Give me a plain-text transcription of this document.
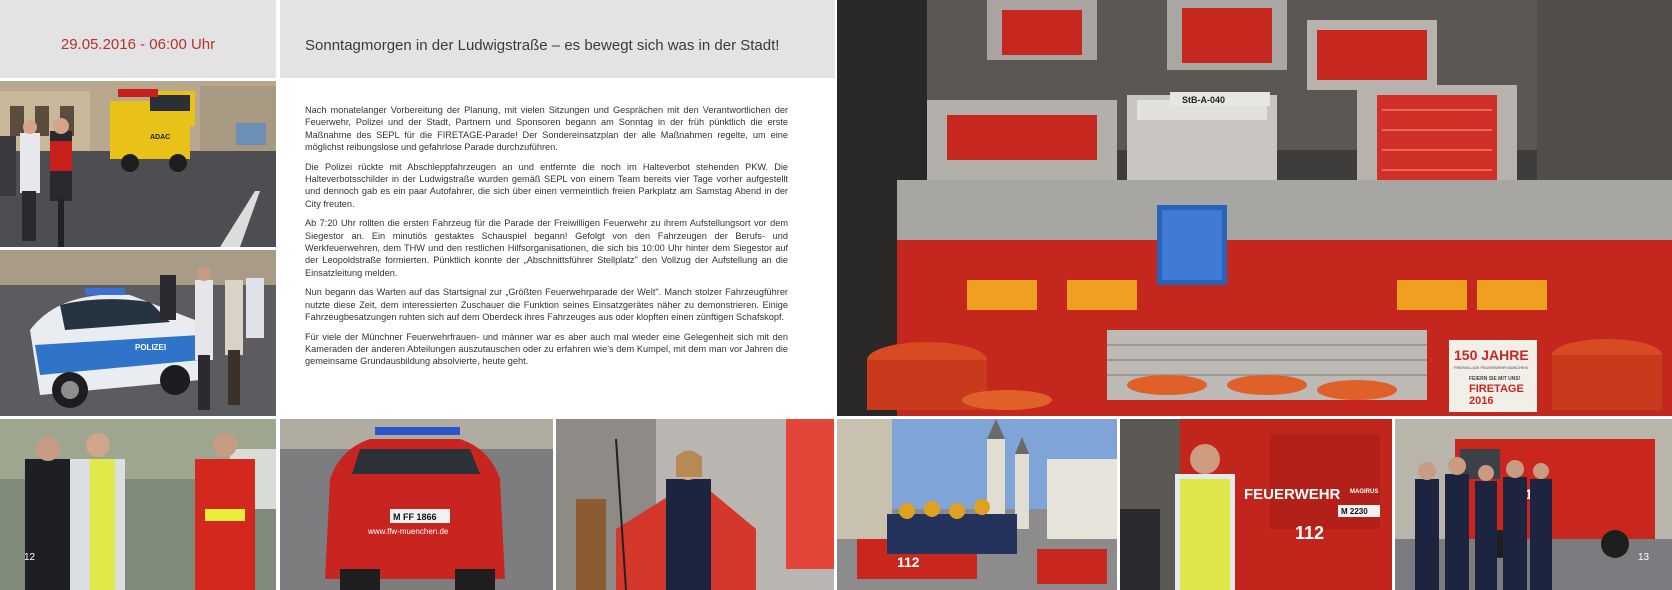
29.05.2016 - 06:00 Uhr	Sonntagmorgen in der Ludwigstraße – es bewegt sich was in der Stadt!

Nach monatelanger Vorbereitung der Planung, mit vielen Sitzungen und Gesprächen mit den Verantwortlichen der Feuerwehr, Polizei und der Stadt, Partnern und Sponsoren begann am Sonntag in der früh pünktlich die erste Maßnahme des SEPL für die FIRETAGE-Parade! Der Sondereinsatzplan der alle Maßnahmen regelte, um eine möglichst reibungslose und gefahrlose Parade durchzuführen.

Die Polizei rückte mit Abschleppfahrzeugen an und entfernte die noch im Halteverbot stehenden PKW. Die Halteverbotsschilder in der Ludwigstraße wurden gemäß SEPL von einem Team bereits vier Tage vorher aufgestellt und dennoch gab es ein paar Autofahrer, die sich über einen vermeintlich freien Parkplatz am Samstag Abend in der City freuten.

Ab 7:20 Uhr rollten die ersten Fahrzeug für die Parade der Freiwilligen Feuerwehr zu ihrem Aufstellungsort vor dem Siegestor an. Ein minutiös gestaktes Schauspiel begann! Gefolgt von den Fahrzeugen der Berufs- und Werkfeuerwehren, dem THW und den restlichen Hilfsorganisationen, die sich bis 10:00 Uhr hinter dem Siegestor auf der Leopoldstraße formierten. Pünktlich konnte der „Abschnittsführer Stellplatz" den Vollzug der Aufstellung an die Einsatzleitung melden.

Nun begann das Warten auf das Startsignal zur „Größten Feuerwehrparade der Welt". Manch stolzer Fahrzeugführer nutzte diese Zeit, dem interessierten Zuschauer die Funktion seines Einsatzgerätes näher zu demonstrieren. Einige Fahrzeugbesatzungen ruhten sich auf dem Oberdeck ihres Fahrzeuges aus oder klopften einen zünftigen Schafskopf.

Für viele der Münchner Feuerwehrfrauen- und männer war es aber auch mal wieder eine Gelegenheit sich mit den Kameraden der anderen Abteilungen auszutauschen oder zu erfahren wie's dem Kumpel, mit dem man vor Jahren die gemeinsame Grundausbildung absolvierte, heute geht.

ADAC
POLIZEI
StB-A-040
150 JAHRE
FREIWILLIGE FEUERWEHR MÜNCHEN
FEIERN SIE MIT UNS!
FIRETAGE
2016
M FF 1866
www.ffw-muenchen.de
112
FEUERWEHR
112
MAGIRUS
M 2230
12	13
